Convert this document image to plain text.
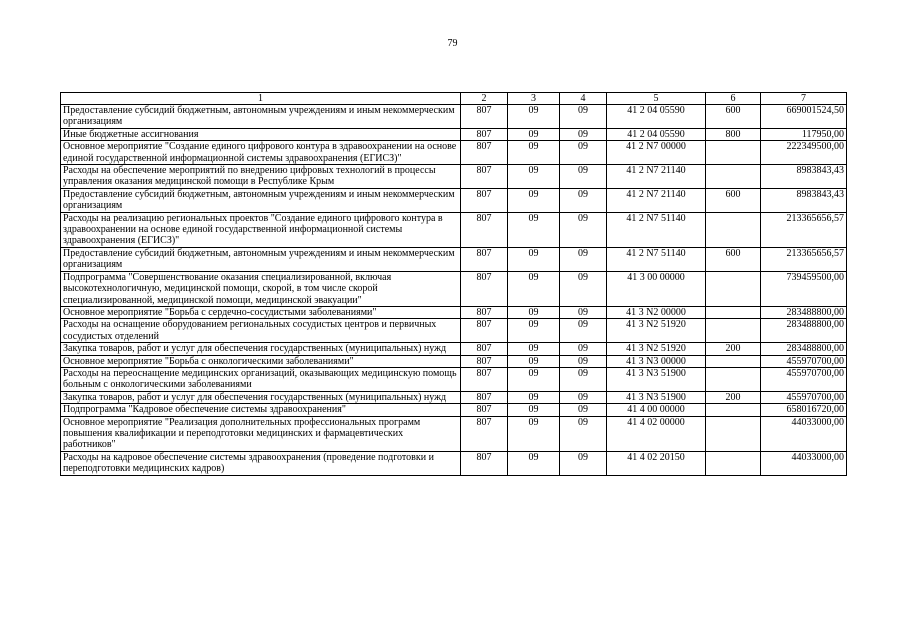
79
1	2	3	4	5	6	7
Предоставление субсидий бюджетным, автономным учреждениям и иным некоммерческим организациям	807	09	09	41 2 04 05590	600	669001524,50
Иные бюджетные ассигнования	807	09	09	41 2 04 05590	800	117950,00
Основное мероприятие "Создание единого цифрового контура в здравоохранении на основе единой государственной информационной системы здравоохранения (ЕГИСЗ)"	807	09	09	41 2 N7 00000		222349500,00
Расходы на обеспечение мероприятий по внедрению цифровых технологий в процессы управления оказания медицинской помощи в Республике Крым	807	09	09	41 2 N7 21140		8983843,43
Предоставление субсидий бюджетным, автономным учреждениям и иным некоммерческим организациям	807	09	09	41 2 N7 21140	600	8983843,43
Расходы на реализацию региональных проектов "Создание единого цифрового контура в здравоохранении на основе единой государственной информационной системы здравоохранения (ЕГИСЗ)"	807	09	09	41 2 N7 51140		213365656,57
Предоставление субсидий бюджетным, автономным учреждениям и иным некоммерческим организациям	807	09	09	41 2 N7 51140	600	213365656,57
Подпрограмма "Совершенствование оказания специализированной, включая высокотехнологичную, медицинской помощи, скорой, в том числе скорой специализированной, медицинской помощи, медицинской эвакуации"	807	09	09	41 3 00 00000		739459500,00
Основное мероприятие "Борьба с сердечно-сосудистыми заболеваниями"	807	09	09	41 3 N2 00000		283488800,00
Расходы на оснащение оборудованием региональных сосудистых центров и первичных сосудистых отделений	807	09	09	41 3 N2 51920		283488800,00
Закупка товаров, работ и услуг для обеспечения государственных (муниципальных) нужд	807	09	09	41 3 N2 51920	200	283488800,00
Основное мероприятие "Борьба с онкологическими заболеваниями"	807	09	09	41 3 N3 00000		455970700,00
Расходы на переоснащение медицинских организаций, оказывающих медицинскую помощь больным с онкологическими заболеваниями	807	09	09	41 3 N3 51900		455970700,00
Закупка товаров, работ и услуг для обеспечения государственных (муниципальных) нужд	807	09	09	41 3 N3 51900	200	455970700,00
Подпрограмма "Кадровое обеспечение системы здравоохранения"	807	09	09	41 4 00 00000		658016720,00
Основное мероприятие "Реализация дополнительных профессиональных программ повышения квалификации и переподготовки медицинских и фармацевтических работников"	807	09	09	41 4 02 00000		44033000,00
Расходы на кадровое обеспечение системы здравоохранения (проведение подготовки и переподготовки медицинских кадров)	807	09	09	41 4 02 20150		44033000,00
